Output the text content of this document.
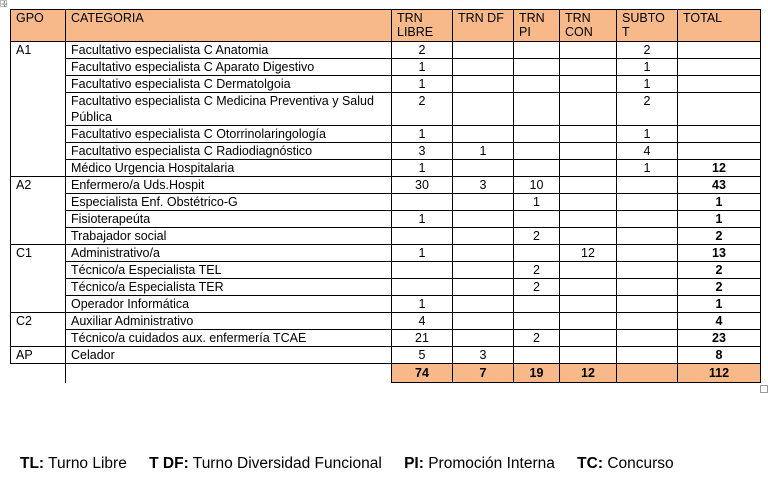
✛
GPO	CATEGORIA	TRN LIBRE	TRN DF	TRN PI	TRN CON	SUBTO T	TOTAL
A1	Facultativo especialista C Anatomia	2				2	
	Facultativo especialista C Aparato Digestivo	1				1	
	Facultativo especialista C Dermatolgoia	1				1	
	Facultativo especialista C Medicina Preventiva y Salud Pública	2				2	
	Facultativo especialista C Otorrinolaringología	1				1	
	Facultativo especialista C Radiodiagnóstico	3	1			4	
	Médico Urgencia Hospitalaria	1				1	12
A2	Enfermero/a Uds.Hospit	30	3	10			43
	Especialista Enf. Obstétrico-G			1			1
	Fisioterapeúta	1					1
	Trabajador social			2			2
C1	Administrativo/a	1			12		13
	Técnico/a Especialista TEL			2			2
	Técnico/a Especialista TER			2			2
	Operador Informática	1					1
C2	Auxiliar Administrativo	4					4
	Técnico/a cuidados aux. enfermería TCAE	21		2			23
AP	Celador	5	3				8
		74	7	19	12		112
TL: Turno Libre T DF: Turno Diversidad Funcional PI: Promoción Interna TC: Concurso
